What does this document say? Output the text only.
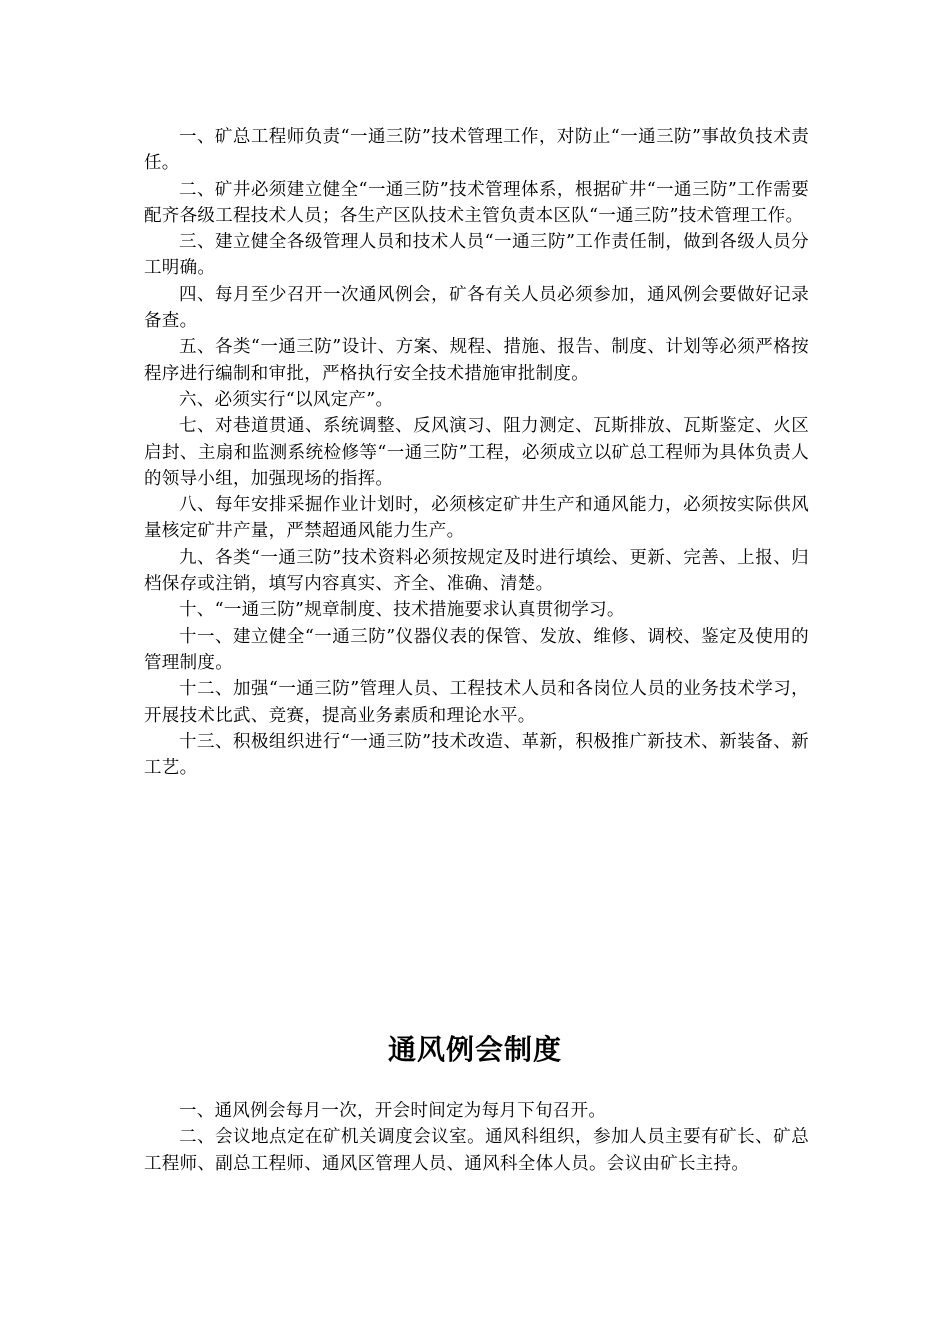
一、矿总工程师负责“一通三防”技术管理工作，对防止“一通三防”事故负技术责任。

二、矿井必须建立健全“一通三防”技术管理体系，根据矿井“一通三防”工作需要配齐各级工程技术人员；各生产区队技术主管负责本区队“一通三防”技术管理工作。

三、建立健全各级管理人员和技术人员“一通三防”工作责任制，做到各级人员分工明确。

四、每月至少召开一次通风例会，矿各有关人员必须参加，通风例会要做好记录备查。

五、各类“一通三防”设计、方案、规程、措施、报告、制度、计划等必须严格按程序进行编制和审批，严格执行安全技术措施审批制度。

六、必须实行“以风定产”。

七、对巷道贯通、系统调整、反风演习、阻力测定、瓦斯排放、瓦斯鉴定、火区启封、主扇和监测系统检修等“一通三防”工程，必须成立以矿总工程师为具体负责人的领导小组，加强现场的指挥。

八、每年安排采掘作业计划时，必须核定矿井生产和通风能力，必须按实际供风量核定矿井产量，严禁超通风能力生产。

九、各类“一通三防”技术资料必须按规定及时进行填绘、更新、完善、上报、归档保存或注销，填写内容真实、齐全、准确、清楚。

十、“一通三防”规章制度、技术措施要求认真贯彻学习。

十一、建立健全“一通三防”仪器仪表的保管、发放、维修、调校、鉴定及使用的管理制度。

十二、加强“一通三防”管理人员、工程技术人员和各岗位人员的业务技术学习，开展技术比武、竞赛，提高业务素质和理论水平。

十三、积极组织进行“一通三防”技术改造、革新，积极推广新技术、新装备、新工艺。

通风例会制度

一、通风例会每月一次，开会时间定为每月下旬召开。

二、会议地点定在矿机关调度会议室。通风科组织，参加人员主要有矿长、矿总工程师、副总工程师、通风区管理人员、通风科全体人员。会议由矿长主持。
